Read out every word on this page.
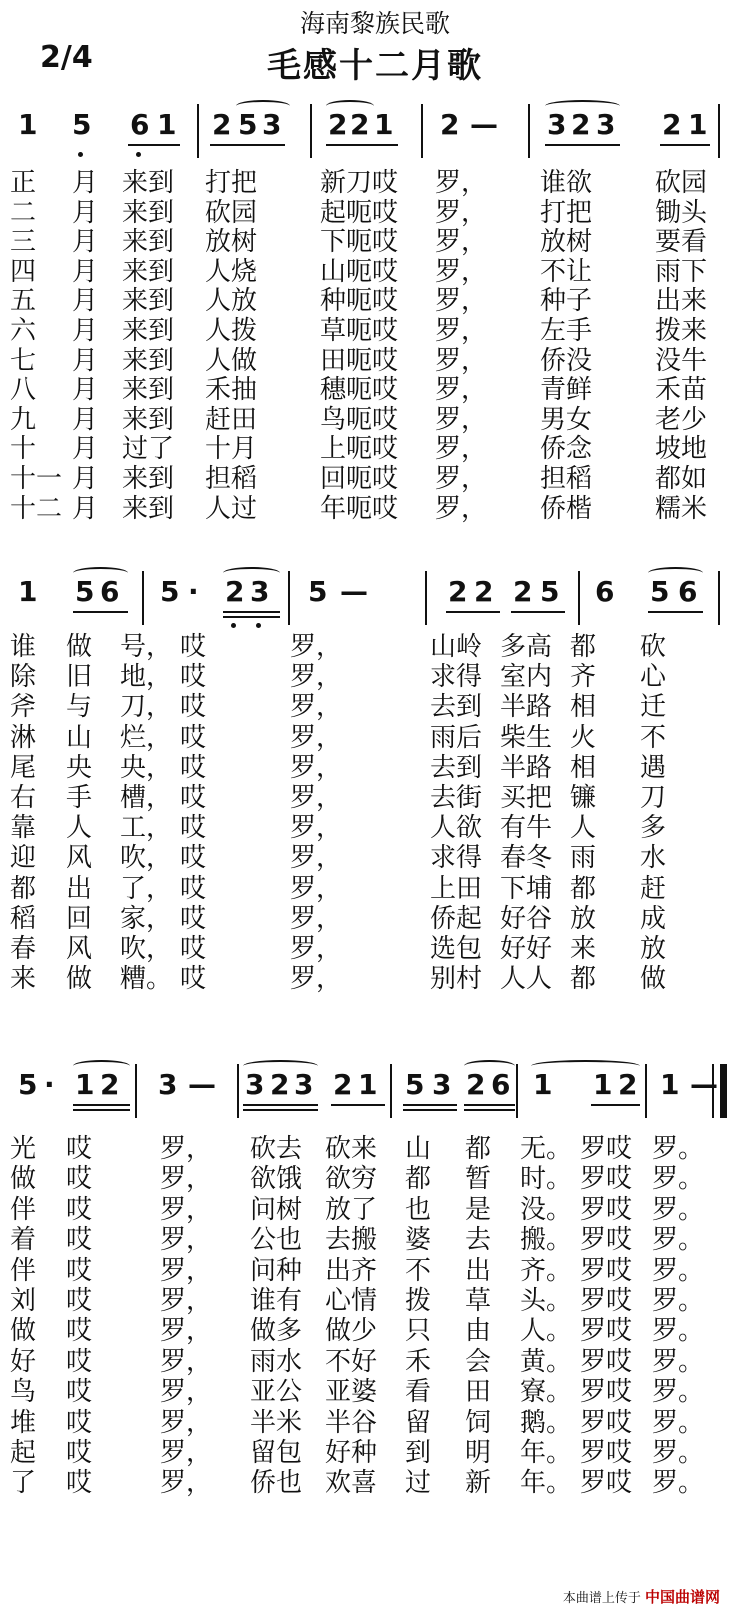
海南黎族民歌
毛感十二月歌
2/4
1 5 6 1 2 5 3 2 2 1 2 — 3 2 3 2 1
正 月 来到 打把 新刀哎 罗， 谁欲 砍园
二 月 来到 砍园 起呃哎 罗， 打把 锄头
三 月 来到 放树 下呃哎 罗， 放树 要看
四 月 来到 人烧 山呃哎 罗， 不让 雨下
五 月 来到 人放 种呃哎 罗， 种子 出来
六 月 来到 人拨 草呃哎 罗， 左手 拨来
七 月 来到 人做 田呃哎 罗， 侨没 没牛
八 月 来到 禾抽 穗呃哎 罗， 青鲜 禾苗
九 月 来到 赶田 鸟呃哎 罗， 男女 老少
十 月 过了 十月 上呃哎 罗， 侨念 坡地
十一 月 来到 担稻 回呃哎 罗， 担稻 都如
十二 月 来到 人过 年呃哎 罗， 侨楷 糯米
1 5 6 5 · 2 3 5 —	2 2 2 5 6 5 6
谁 做 号， 哎	罗，	山岭 多高 都 砍
除 旧 地， 哎	罗，	求得 室内 齐 心
斧 与 刀， 哎	罗，	去到 半路 相 迁
淋 山 烂， 哎	罗，	雨后 柴生 火 不
尾 央 央， 哎	罗，	去到 半路 相 遇
右 手 槽， 哎	罗，	去街 买把 镰 刀
靠 人 工， 哎	罗，	人欲 有牛 人 多
迎 风 吹， 哎	罗，	求得 春冬 雨 水
都 出 了， 哎	罗，	上田 下埔 都 赶
稻 回 家， 哎	罗，	侨起 好谷 放 成
春 风 吹， 哎	罗，	选包 好好 来 放
来 做 糟。 哎	罗，	别村 人人 都 做
5 · 1 2 3 — 3 2 3 2 1 5 3 2 6 1 1 2 1 —
光 哎	罗， 砍去 砍来 山 都 无。 罗哎 罗。
做 哎	罗， 欲饿 欲穷 都 暂 时。 罗哎 罗。
伴 哎	罗， 问树 放了 也 是 没。 罗哎 罗。
着 哎	罗， 公也 去搬 婆 去 搬。 罗哎 罗。
伴 哎	罗， 问种 出齐 不 出 齐。 罗哎 罗。
刘 哎	罗， 谁有 心情 拨 草 头。 罗哎 罗。
做 哎	罗， 做多 做少 只 由 人。 罗哎 罗。
好 哎	罗， 雨水 不好 禾 会 黄。 罗哎 罗。
鸟 哎	罗， 亚公 亚婆 看 田 寮。 罗哎 罗。
堆 哎	罗， 半米 半谷 留 饲 鹅。 罗哎 罗。
起 哎	罗， 留包 好种 到 明 年。 罗哎 罗。
了 哎	罗， 侨也 欢喜 过 新 年。 罗哎 罗。
本曲谱上传于 中国曲谱网
